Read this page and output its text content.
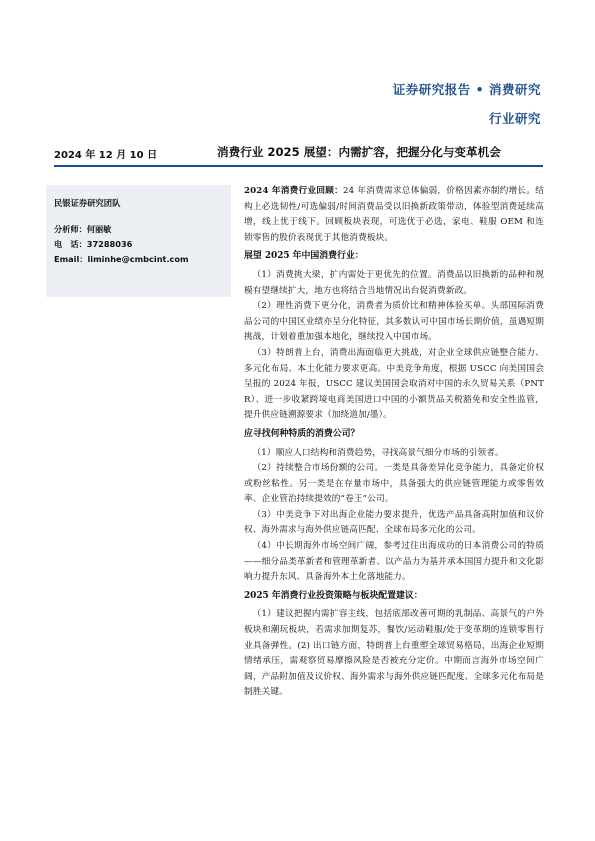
证券研究报告 • 消费研究
行业研究
2024 年 12 月 10 日	消费行业 2025 展望：内需扩容，把握分化与变革机会
民银证券研究团队
分析师：何丽敏
电　话：37288036
Email：liminhe@cmbcint.com

2024 年消费行业回顾：24 年消费需求总体偏弱，价格因素亦制约增长。结构上必选韧性/可选偏弱/时间消费品受以旧换新政策带动，体验型消费延续高增，线上优于线下。回顾板块表现，可选优于必选，家电、鞋服 OEM 和连锁零售的股价表现优于其他消费板块。

展望 2025 年中国消费行业：

（1）消费挑大梁，扩内需处于更优先的位置。消费品以旧换新的品种和规模有望继续扩大，地方也将结合当地情况出台促消费新政。

（2）理性消费下更分化，消费者为质价比和精神体验买单。头部国际消费品公司的中国区业绩亦呈分化特征，其多数认可中国市场长期价值，虽遇短期挑战，计划着重加强本地化，继续投入中国市场。

（3）特朗普上台，消费出海面临更大挑战，对企业全球供应链整合能力、多元化布局、本土化能力要求更高。中美竞争角度，根据 USCC 向美国国会呈报的 2024 年报，USCC 建议美国国会取消对中国的永久贸易关系（PNTR）、进一步收紧跨境电商美国进口中国的小额货品关税豁免和安全性监管，提升供应链溯源要求（加绕道加/墨）。

应寻找何种特质的消费公司？

（1）顺应人口结构和消费趋势，寻找高景气细分市场的引领者。

（2）持续整合市场份额的公司。一类是具备差异化竞争能力，具备定价权或粉丝粘性。另一类是在存量市场中，具备强大的供应链管理能力或零售效率、企业管治持续提效的“卷王”公司。

（3）中美竞争下对出海企业能力要求提升，优选产品具备高附加值和议价权、海外需求与海外供应链高匹配、全球布局多元化的公司。

（4）中长期海外市场空间广阔，参考过往出海成功的日本消费公司的特质——细分品类革新者和管理革新者、以产品力为基并承本国国力提升和文化影响力提升东风、具备海外本土化落地能力。

2025 年消费行业投资策略与板块配置建议：

（1）建议把握内需扩容主线，包括底部改善可期的乳制品、高景气的户外板块和潮玩板块，若需求加期复苏，餐饮/运动鞋服/处于变革期的连锁零售行业具备弹性。(2) 出口链方面，特朗普上台重塑全球贸易格局，出海企业短期情绪承压，需观察贸易摩擦风险是否被充分定价。中期而言海外市场空间广阔，产品附加值及议价权、海外需求与海外供应链匹配度、全球多元化布局是制胜关键。
